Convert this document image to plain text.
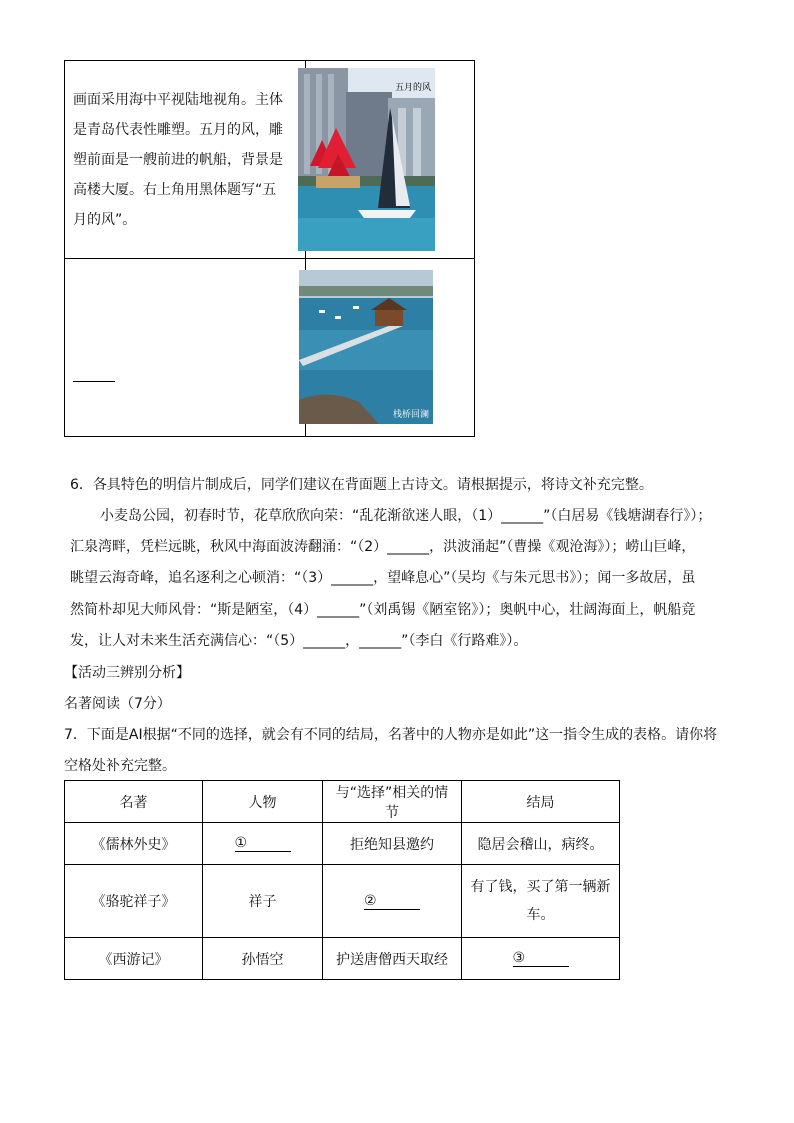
画面采用海中平视陆地视角。主体
是青岛代表性雕塑。五月的风，雕
塑前面是一艘前进的帆船，背景是
高楼大厦。右上角用黑体题写“五
月的风”。	

五月的风
栈桥回澜
6．各具特色的明信片制成后，同学们建议在背面题上古诗文。请根据提示，将诗文补充完整。
小麦岛公园，初春时节，花草欣欣向荣：“乱花渐欲迷人眼，（1）______”（白居易《钱塘湖春行》）；
汇泉湾畔，凭栏远眺，秋风中海面波涛翻涌：“（2）______，洪波涌起”（曹操《观沧海》）；崂山巨峰，
眺望云海奇峰，追名逐利之心顿消：“（3）______，望峰息心”（吴均《与朱元思书》）；闻一多故居，虽
然简朴却见大师风骨：“斯是陋室，（4）______”（刘禹锡《陋室铭》）；奥帆中心，壮阔海面上，帆船竞
发，让人对未来生活充满信心：“（5）______，______”（李白《行路难》）。
【活动三辨别分析】
名著阅读（7分）
7．下面是AI根据“不同的选择，就会有不同的结局，名著中的人物亦是如此”这一指令生成的表格。请你将
空格处补充完整。
名著	人物	与“选择”相关的情节	结局
《儒林外史》	①	拒绝知县邀约	隐居会稽山，病终。
《骆驼祥子》	祥子	②	有了钱，买了第一辆新
车。

《西游记》	孙悟空	护送唐僧西天取经	③
